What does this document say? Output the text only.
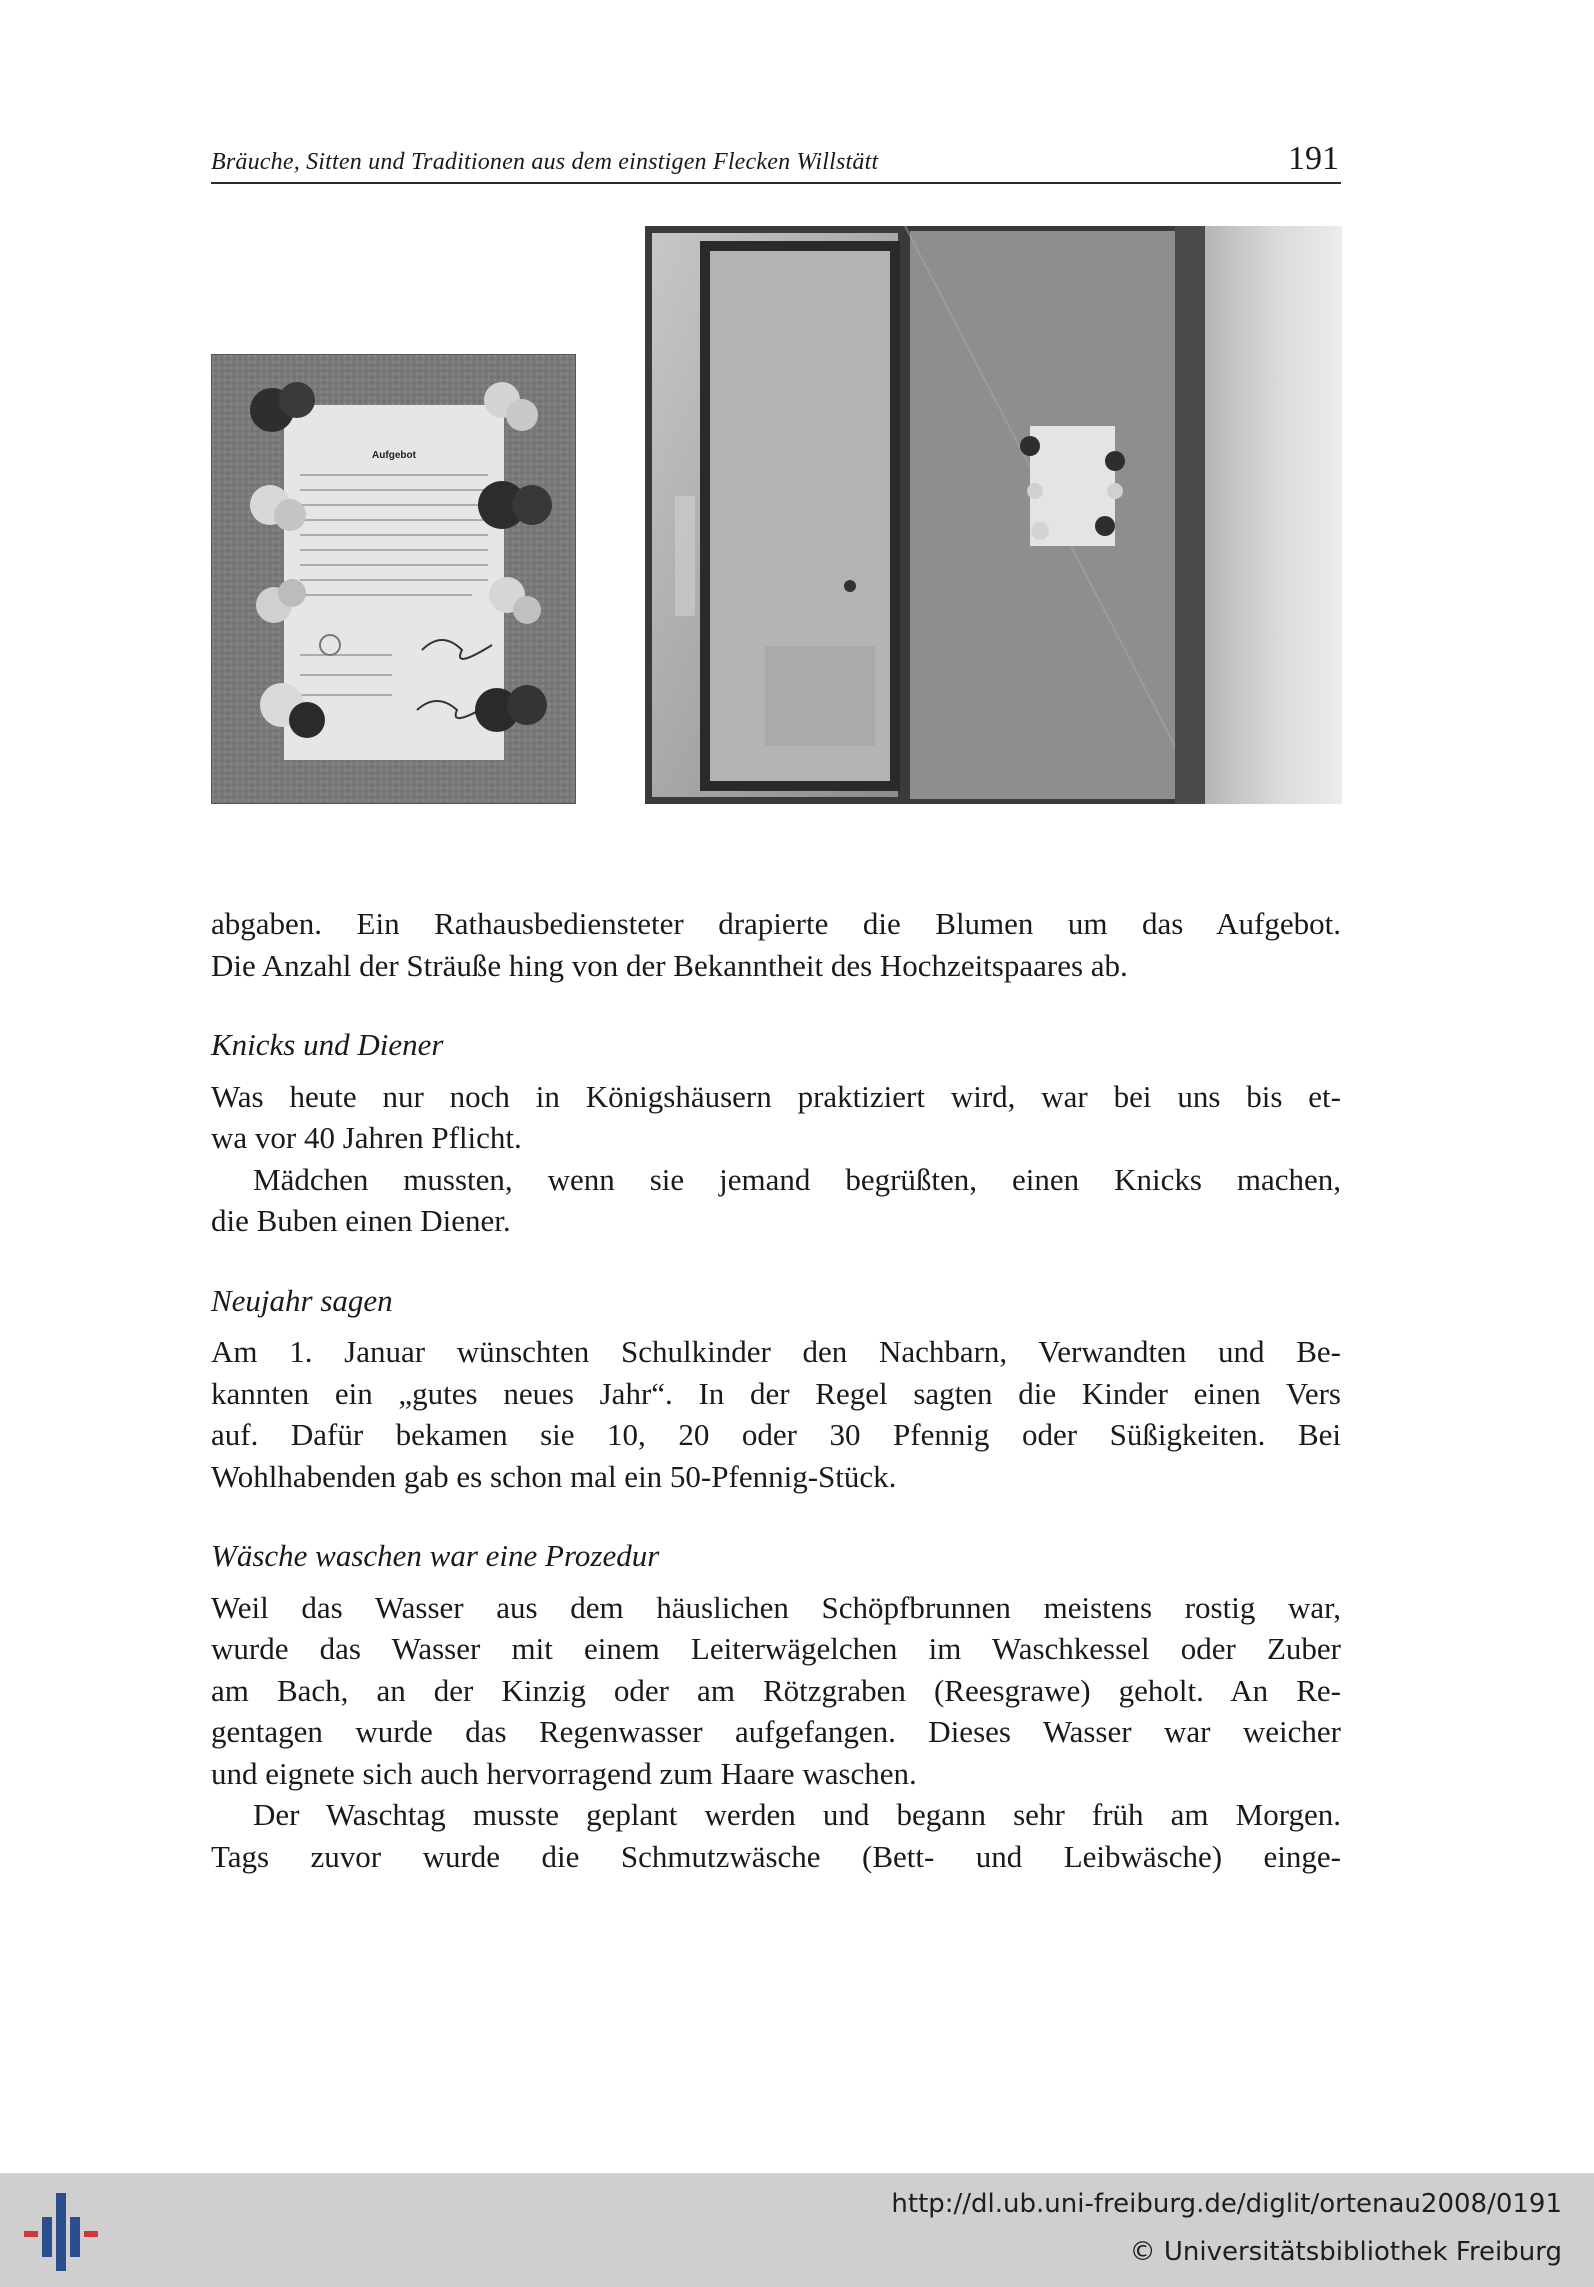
Bräuche, Sitten und Traditionen aus dem einstigen Flecken Willstätt	191
Aufgebot

abgaben. Ein Rathausbediensteter drapierte die Blumen um das Aufgebot.
Die Anzahl der Sträuße hing von der Bekanntheit des Hochzeitspaares ab.

Knicks und Diener

Was heute nur noch in Königshäusern praktiziert wird, war bei uns bis et-
wa vor 40 Jahren Pflicht.

Mädchen mussten, wenn sie jemand begrüßten, einen Knicks machen,
die Buben einen Diener.

Neujahr sagen

Am 1. Januar wünschten Schulkinder den Nachbarn, Verwandten und Be-
kannten ein „gutes neues Jahr“. In der Regel sagten die Kinder einen Vers
auf. Dafür bekamen sie 10, 20 oder 30 Pfennig oder Süßigkeiten. Bei
Wohlhabenden gab es schon mal ein 50-Pfennig-Stück.

Wäsche waschen war eine Prozedur

Weil das Wasser aus dem häuslichen Schöpfbrunnen meistens rostig war,
wurde das Wasser mit einem Leiterwägelchen im Waschkessel oder Zuber
am Bach, an der Kinzig oder am Rötzgraben (Reesgrawe) geholt. An Re-
gentagen wurde das Regenwasser aufgefangen. Dieses Wasser war weicher
und eignete sich auch hervorragend zum Haare waschen.

Der Waschtag musste geplant werden und begann sehr früh am Morgen.
Tags zuvor wurde die Schmutzwäsche (Bett- und Leibwäsche) einge-

http://dl.ub.uni-freiburg.de/diglit/ortenau2008/0191
© Universitätsbibliothek Freiburg
